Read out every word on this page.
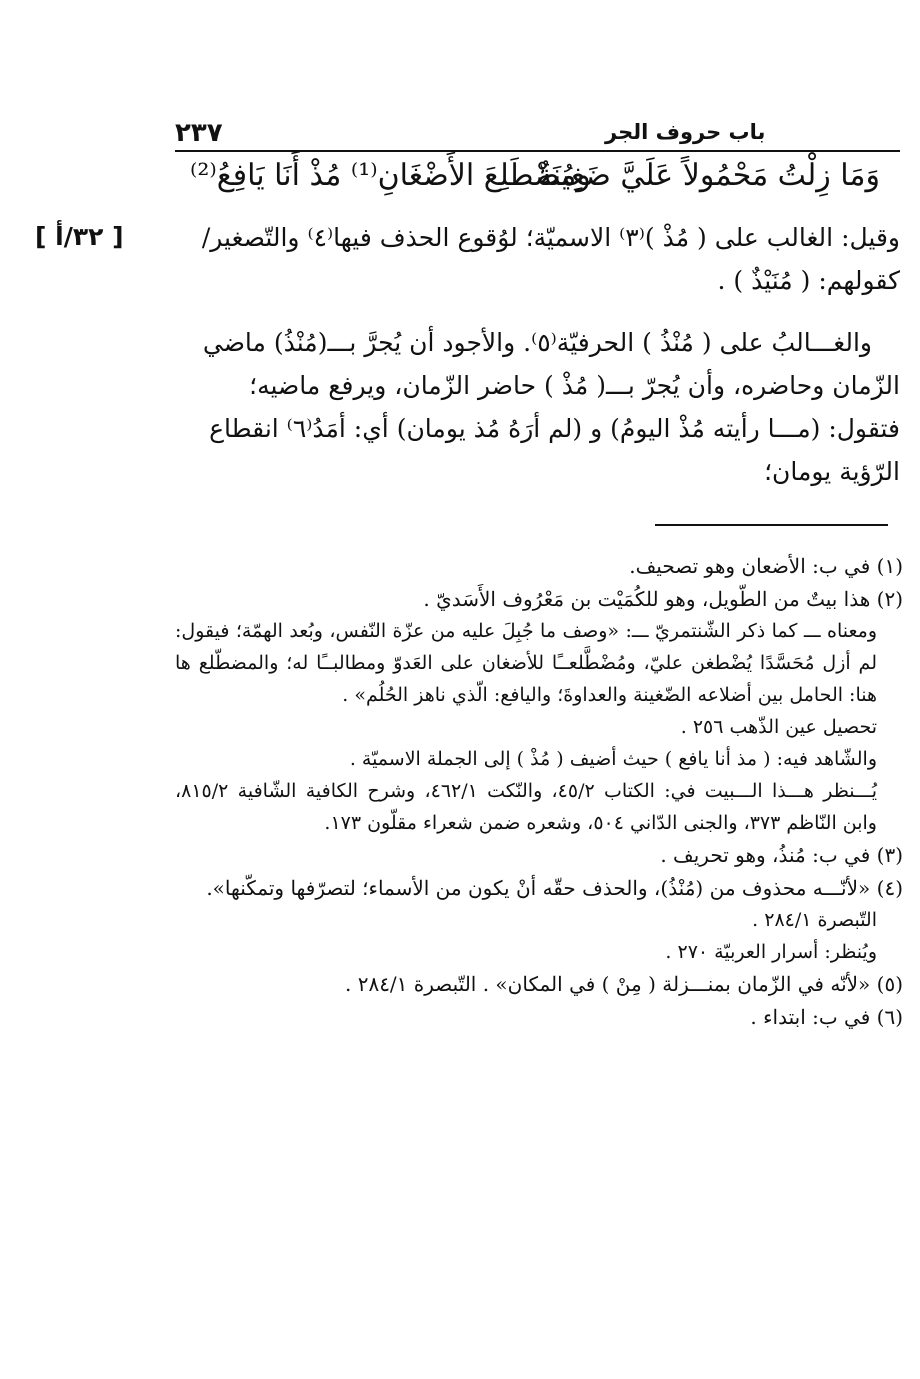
٢٣٧	باب حروف الجر
وَمَا زِلْتُ مَحْمُولاً عَلَيَّ ضَغِينَةٌ
ومُضْطَلِعَ الأَضْغَانِ⁽¹⁾ مُذْ أَنَا يَافِعُ⁽²⁾
[ ٣٢/أ ]	وقيل: الغالب على ( مُذْ )⁽٣⁾ الاسميّة؛ لوُقوع الحذف فيها⁽٤⁾ والتّصغير/ كقولهم: ( مُنَيْذٌ ) .

والغـــالبُ على ( مُنْذُ ) الحرفيّة⁽٥⁾. والأجود أن يُجرَّ بـــ(مُنْذُ) ماضي الزّمان وحاضره، وأن يُجرّ بـــ( مُذْ ) حاضر الزّمان، ويرفع ماضيه؛ فتقول: (مـــا رأيته مُذْ اليومُ) و (لم أرَهُ مُذ يومان) أي: أمَدُ⁽٦⁾ انقطاع الرّؤية يومان؛

(١) في ب: الأضعان وهو تصحيف.

(٢) هذا بيتٌ من الطّويل، وهو للكُمَيْت بن مَعْرُوف الأَسَديّ .

ومعناه ـــ كما ذكر الشّنتمريّ ـــ: «وصف ما جُبِلَ عليه من عزّة النّفس، وبُعد الهمّة؛ فيقول: لم أزل مُحَسَّدًا يُضْطغن عليّ، ومُضْطَّلعــًا للأضغان على العَدوّ ومطالبــًا له؛ والمضطّلع ها هنا: الحامل بين أضلاعه الضّغينة والعداوةَ؛ واليافع: الّذي ناهز الحُلُم» .

تحصيل عين الذّهب ٢٥٦ .

والشّاهد فيه: ( مذ أنا يافع ) حيث أضيف ( مُذْ ) إلى الجملة الاسميّة .

يُـــنظر هـــذا الـــبيت في: الكتاب ٤٥/٢، والنّكت ٤٦٢/١، وشرح الكافية الشّافية ٨١٥/٢، وابن النّاظم ٣٧٣، والجنى الدّاني ٥٠٤، وشعره ضمن شعراء مقلّون ١٧٣.

(٣) في ب: مُنذُ، وهو تحريف .

(٤) «لأنّـــه محذوف من (مُنْذُ)، والحذف حقّه أنْ يكون من الأسماء؛ لتصرّفها وتمكّنها».

التّبصرة ٢٨٤/١ .

ويُنظر: أسرار العربيّة ٢٧٠ .

(٥) «لأنّه في الزّمان بمنـــزلة ( مِنْ ) في المكان» . التّبصرة ٢٨٤/١ .

(٦) في ب: ابتداء .
